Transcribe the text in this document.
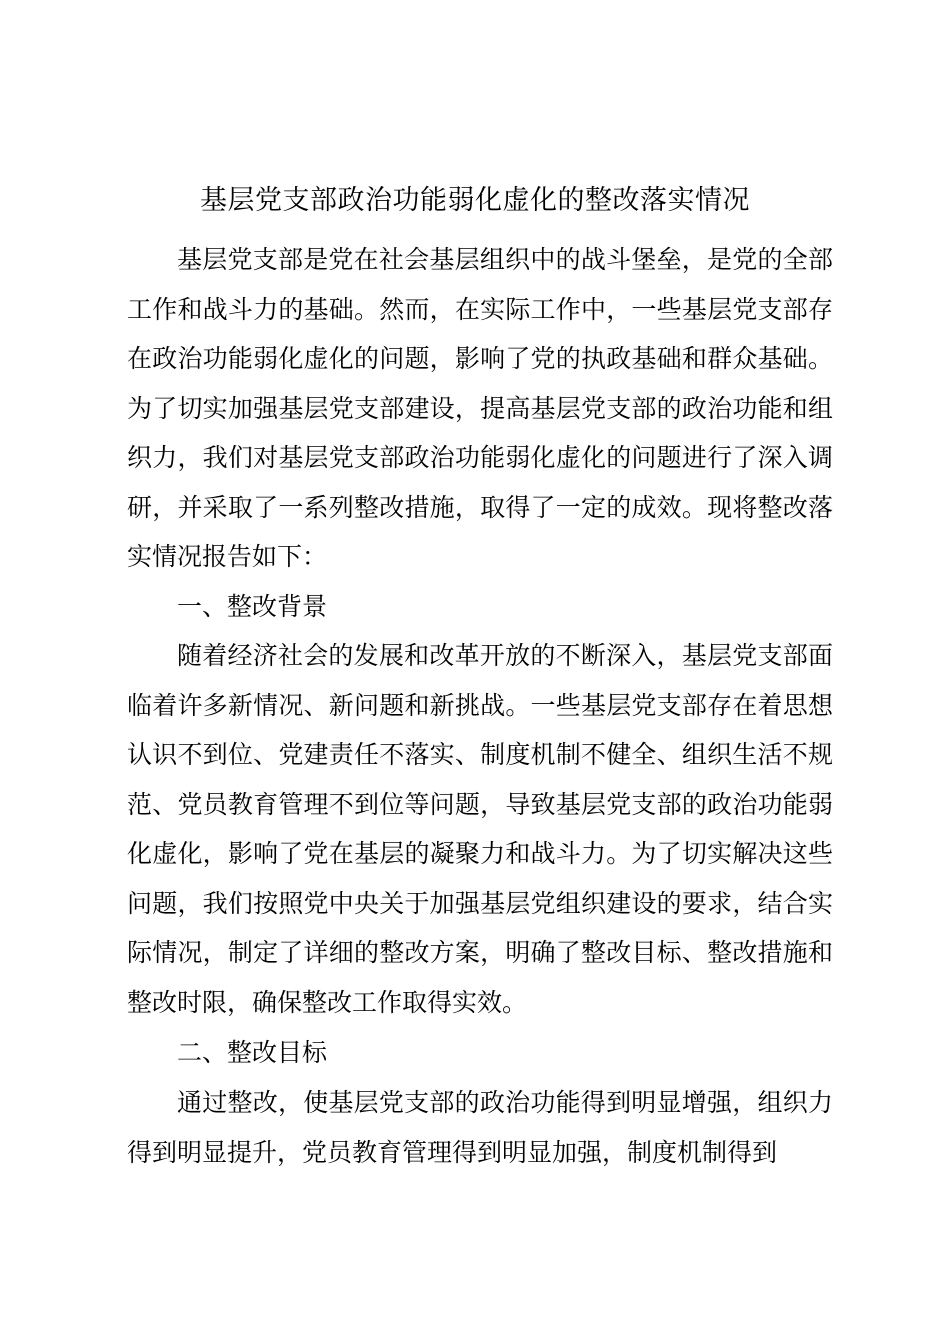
基层党支部政治功能弱化虚化的整改落实情况

基层党支部是党在社会基层组织中的战斗堡垒，是党的全部工作和战斗力的基础。然而，在实际工作中，一些基层党支部存在政治功能弱化虚化的问题，影响了党的执政基础和群众基础。为了切实加强基层党支部建设，提高基层党支部的政治功能和组织力，我们对基层党支部政治功能弱化虚化的问题进行了深入调研，并采取了一系列整改措施，取得了一定的成效。现将整改落实情况报告如下：

一、整改背景

随着经济社会的发展和改革开放的不断深入，基层党支部面临着许多新情况、新问题和新挑战。一些基层党支部存在着思想认识不到位、党建责任不落实、制度机制不健全、组织生活不规范、党员教育管理不到位等问题，导致基层党支部的政治功能弱化虚化，影响了党在基层的凝聚力和战斗力。为了切实解决这些问题，我们按照党中央关于加强基层党组织建设的要求，结合实际情况，制定了详细的整改方案，明确了整改目标、整改措施和整改时限，确保整改工作取得实效。

二、整改目标

通过整改，使基层党支部的政治功能得到明显增强，组织力得到明显提升，党员教育管理得到明显加强，制度机制得到
